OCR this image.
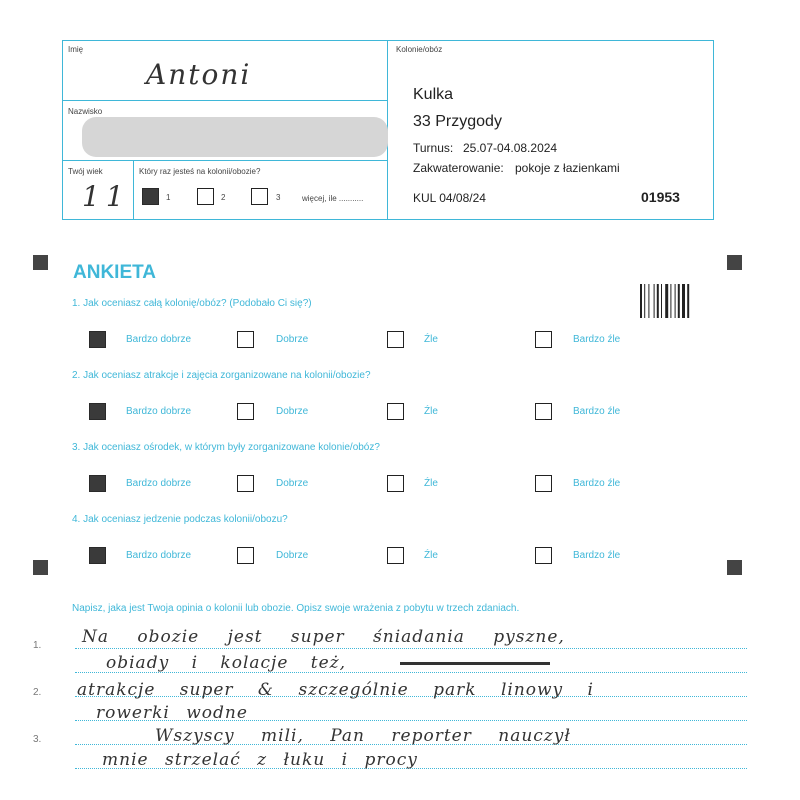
Imię
Antoni
Nazwisko
Twój wiek
11
Który raz jesteś na kolonii/obozie?
1	2	3	więcej, ile ...........
Kolonie/obóz
Kulka
33 Przygody
Turnus: 25.07-04.08.2024
Zakwaterowanie: pokoje z łazienkami
KUL 04/08/24	01953
ANKIETA
1. Jak oceniasz całą kolonię/obóz? (Podobało Ci się?)
Bardzo dobrze	Dobrze	Źle	Bardzo źle
2. Jak oceniasz atrakcje i zajęcia zorganizowane na kolonii/obozie?
Bardzo dobrze	Dobrze	Źle	Bardzo źle
3. Jak oceniasz ośrodek, w którym były zorganizowane kolonie/obóz?
Bardzo dobrze	Dobrze	Źle	Bardzo źle
4. Jak oceniasz jedzenie podczas kolonii/obozu?
Bardzo dobrze	Dobrze	Źle	Bardzo źle
Napisz, jaka jest Twoja opinia o kolonii lub obozie. Opisz swoje wrażenia z pobytu w trzech zdaniach.
1.
2.
3.
Na obozie jest super śniadania pyszne,
obiady i kolacje też,
atrakcje super & szczególnie park linowy i
rowerki wodne
Wszyscy mili, Pan reporter nauczył
mnie strzelać z łuku i procy
